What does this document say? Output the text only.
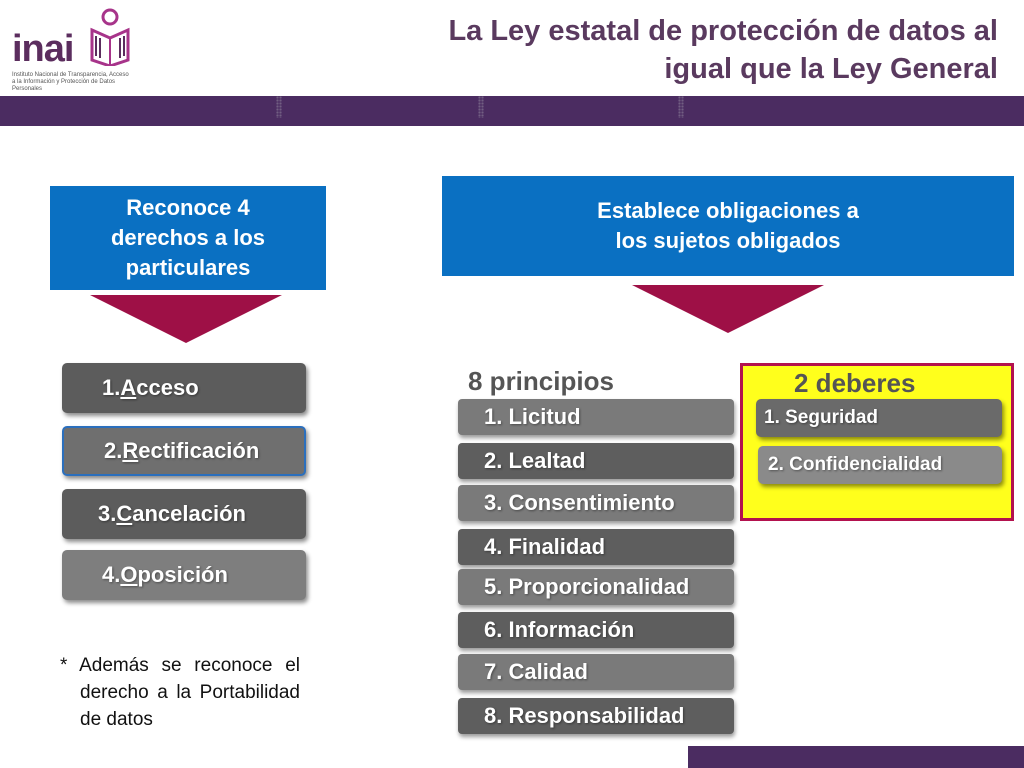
inai
Instituto Nacional de Transparencia, Acceso a la Información y Protección de Datos Personales
La Ley estatal de protección de datos al
igual que la Ley General
Reconoce 4
derechos a los
particulares
1. A cceso
2. R ectificación
3. C ancelación
4. O posición
* Además se reconoce el derecho a la Portabilidad de datos
Establece obligaciones a
los sujetos obligados
8 principios
1. Licitud
2. Lealtad
3. Consentimiento
4. Finalidad
5. Proporcionalidad
6. Información
7. Calidad
8. Responsabilidad
2 deberes
1. Seguridad
2. Confidencialidad
